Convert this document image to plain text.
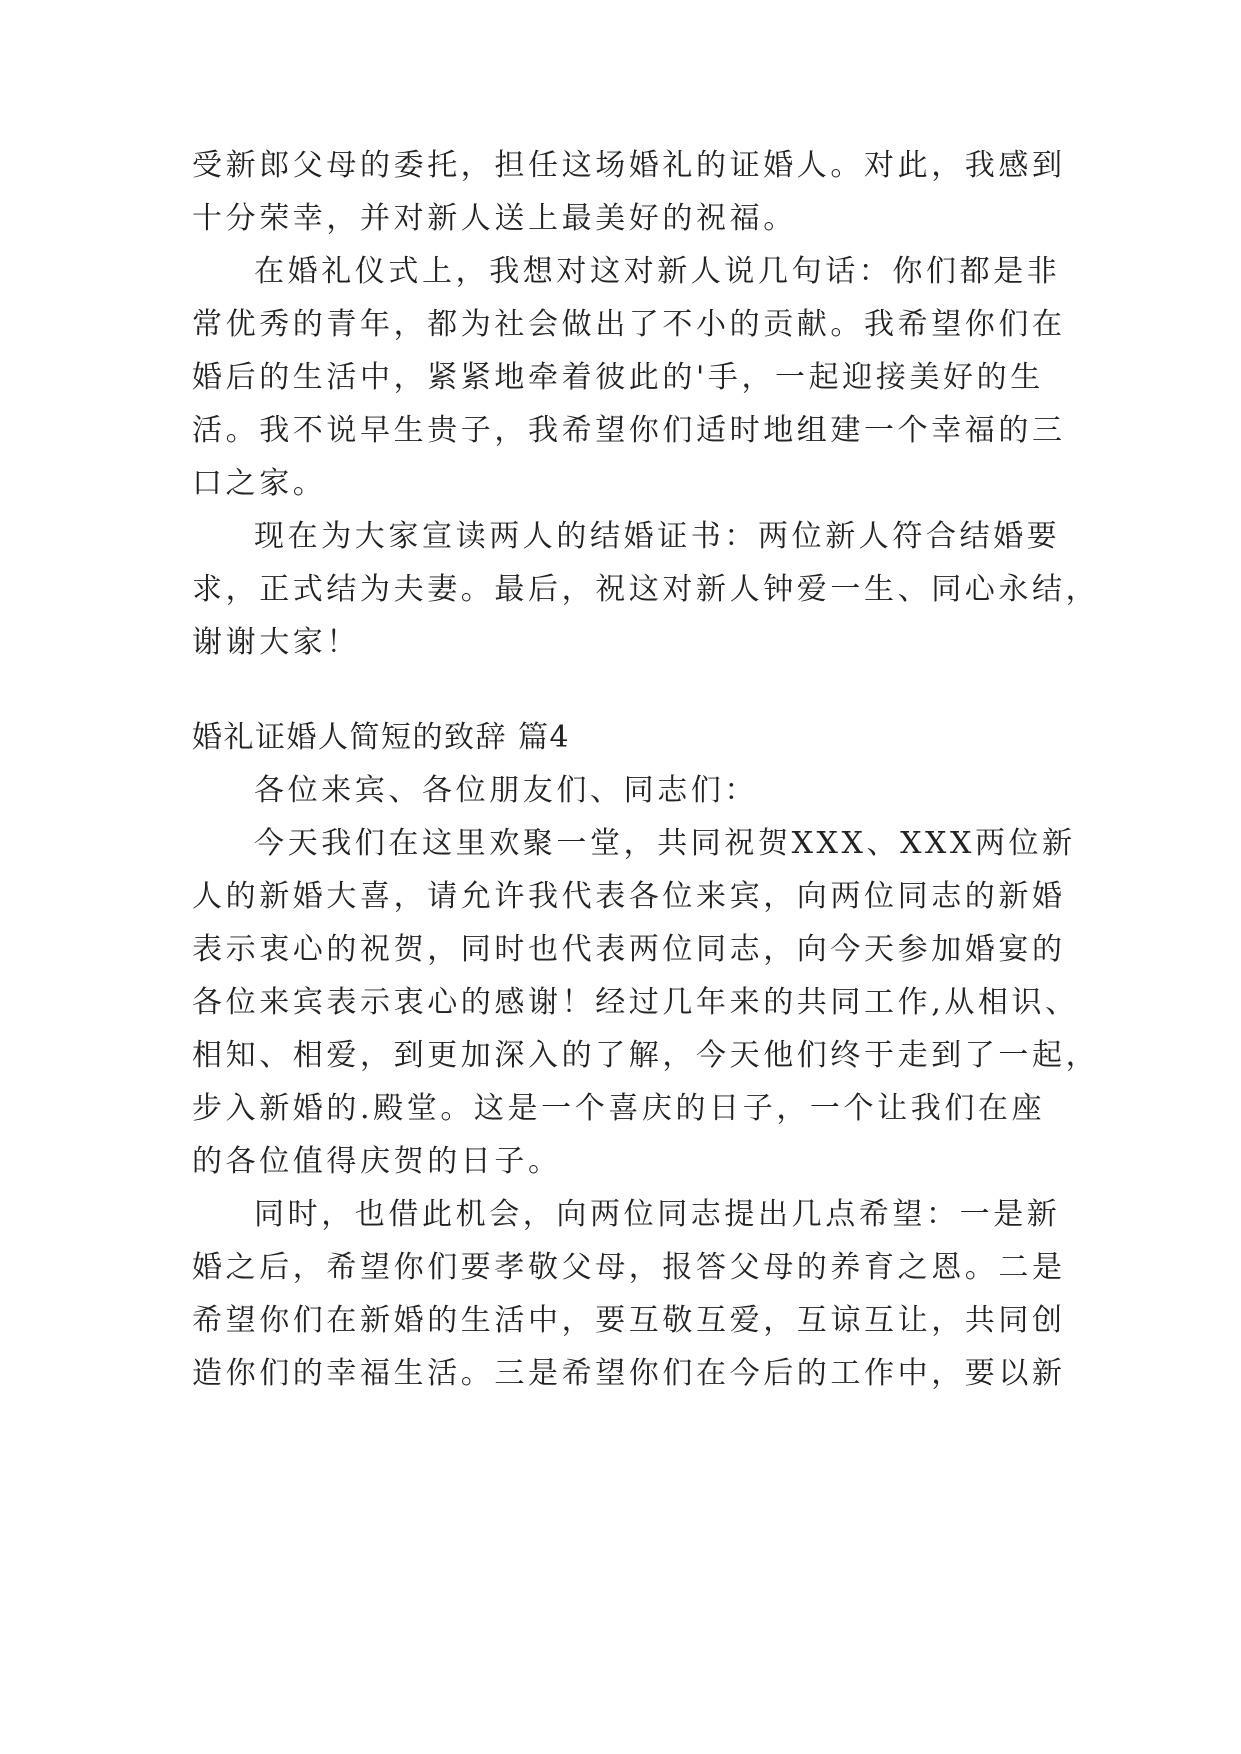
受新郎父母的委托，担任这场婚礼的证婚人。对此，我感到
十分荣幸，并对新人送上最美好的祝福。
在婚礼仪式上，我想对这对新人说几句话：你们都是非
常优秀的青年，都为社会做出了不小的贡献。我希望你们在
婚后的生活中，紧紧地牵着彼此的'手，一起迎接美好的生
活。我不说早生贵子，我希望你们适时地组建一个幸福的三
口之家。
现在为大家宣读两人的结婚证书：两位新人符合结婚要
求，正式结为夫妻。最后，祝这对新人钟爱一生、同心永结，
谢谢大家！
婚礼证婚人简短的致辞 篇4
各位来宾、各位朋友们、同志们：
今天我们在这里欢聚一堂，共同祝贺XXX、XXX两位新
人的新婚大喜，请允许我代表各位来宾，向两位同志的新婚
表示衷心的祝贺，同时也代表两位同志，向今天参加婚宴的
各位来宾表示衷心的感谢！经过几年来的共同工作,从相识、
相知、相爱，到更加深入的了解，今天他们终于走到了一起，
步入新婚的.殿堂。这是一个喜庆的日子，一个让我们在座
的各位值得庆贺的日子。
同时，也借此机会，向两位同志提出几点希望：一是新
婚之后，希望你们要孝敬父母，报答父母的养育之恩。二是
希望你们在新婚的生活中，要互敬互爱，互谅互让，共同创
造你们的幸福生活。三是希望你们在今后的工作中，要以新
